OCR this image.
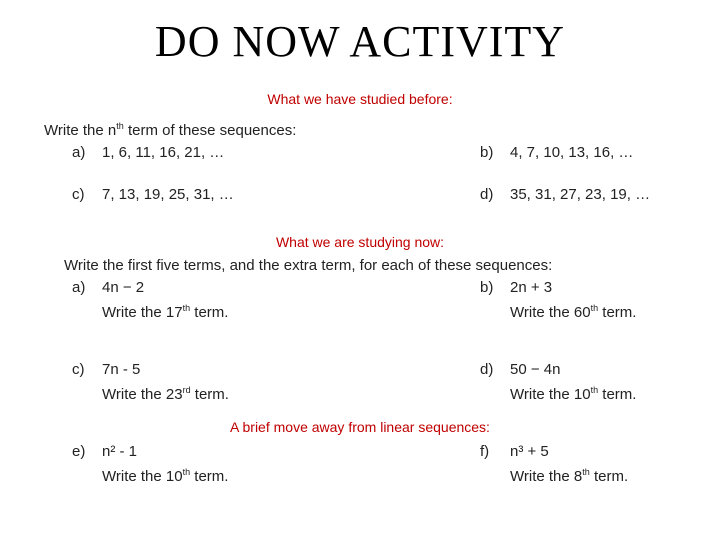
DO NOW ACTIVITY
What we have studied before:
Write the $n^{th}$ term of these sequences:
a) 1, 6, 11, 16, 21, …	b) 4, 7, 10, 13, 16, …
c) 7, 13, 19, 25, 31, …	d) 35, 31, 27, 23, 19, …
What we are studying now:
Write the first five terms, and the extra term, for each of these sequences:
a) 4n − 2
Write the 17th term.
b) 2n + 3
Write the 60th term.
c) 7n - 5
Write the 23rd term.
d) 50 − 4n
Write the 10th term.
A brief move away from linear sequences:
e) n² - 1
Write the 10th term.
f) n³ + 5
Write the 8th term.
